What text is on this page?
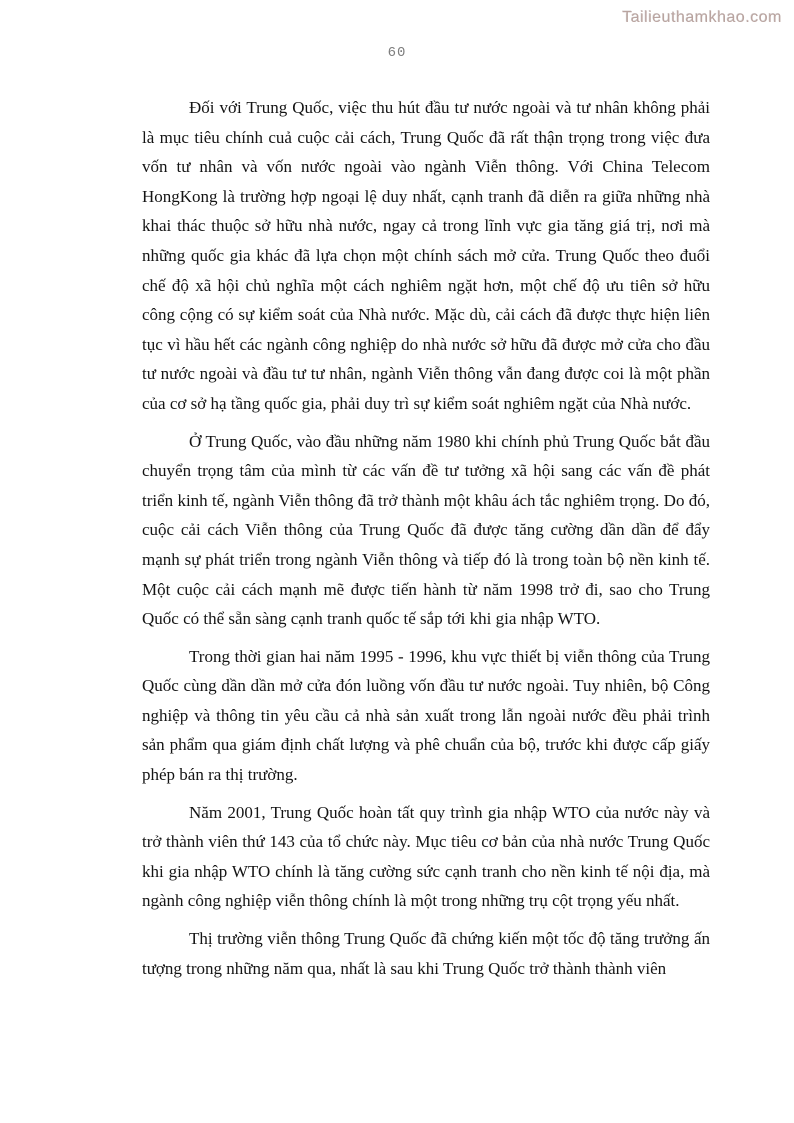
Tailieuthamkhao.com
60

Đối với Trung Quốc, việc thu hút đầu tư nước ngoài và tư nhân không phải là mục tiêu chính cuả cuộc cải cách, Trung Quốc đã rất thận trọng trong việc đưa vốn tư nhân và vốn nước ngoài vào ngành Viễn thông. Với China Telecom HongKong là trường hợp ngoại lệ duy nhất, cạnh tranh đã diễn ra giữa những nhà khai thác thuộc sở hữu nhà nước, ngay cả trong lĩnh vực gia tăng giá trị, nơi mà những quốc gia khác đã lựa chọn một chính sách mở cửa. Trung Quốc theo đuổi chế độ xã hội chủ nghĩa một cách nghiêm ngặt hơn, một chế độ ưu tiên sở hữu công cộng có sự kiểm soát của Nhà nước. Mặc dù, cải cách đã được thực hiện liên tục vì hầu hết các ngành công nghiệp do nhà nước sở hữu đã được mở cửa cho đầu tư nước ngoài và đầu tư tư nhân, ngành Viễn thông vẫn đang được coi là một phần của cơ sở hạ tầng quốc gia, phải duy trì sự kiểm soát nghiêm ngặt của Nhà nước.

Ở Trung Quốc, vào đầu những năm 1980 khi chính phủ Trung Quốc bắt đầu chuyển trọng tâm của mình từ các vấn đề tư tưởng xã hội sang các vấn đề phát triển kinh tế, ngành Viễn thông đã trở thành một khâu ách tắc nghiêm trọng. Do đó, cuộc cải cách Viễn thông của Trung Quốc đã được tăng cường dần dần để đẩy mạnh sự phát triển trong ngành Viễn thông và tiếp đó là trong toàn bộ nền kinh tế. Một cuộc cải cách mạnh mẽ được tiến hành từ năm 1998 trở đi, sao cho Trung Quốc có thể sẵn sàng cạnh tranh quốc tế sắp tới khi gia nhập WTO.

Trong thời gian hai năm 1995 - 1996, khu vực thiết bị viễn thông của Trung Quốc cùng dần dần mở cửa đón luồng vốn đầu tư nước ngoài. Tuy nhiên, bộ Công nghiệp và thông tin yêu cầu cả nhà sản xuất trong lẫn ngoài nước đều phải trình sản phẩm qua giám định chất lượng và phê chuẩn của bộ, trước khi được cấp giấy phép bán ra thị trường.

Năm 2001, Trung Quốc hoàn tất quy trình gia nhập WTO của nước này và trở thành viên thứ 143 của tổ chức này. Mục tiêu cơ bản của nhà nước Trung Quốc khi gia nhập WTO chính là tăng cường sức cạnh tranh cho nền kinh tế nội địa, mà ngành công nghiệp viễn thông chính là một trong những trụ cột trọng yếu nhất.

Thị trường viễn thông Trung Quốc đã chứng kiến một tốc độ tăng trưởng ấn tượng trong những năm qua, nhất là sau khi Trung Quốc trở thành thành viên
